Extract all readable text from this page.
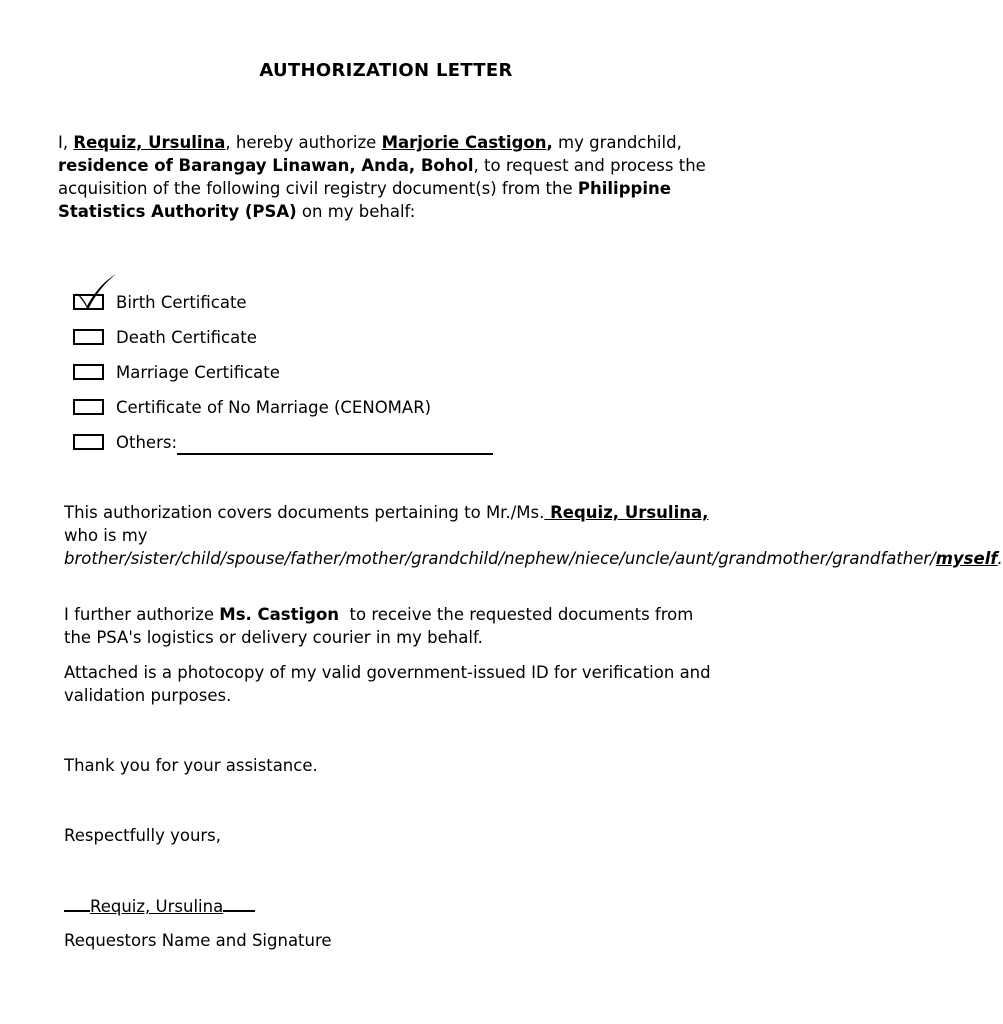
AUTHORIZATION LETTER
I, Requiz, Ursulina, hereby authorize Marjorie Castigon, my grandchild, residence of Barangay Linawan, Anda, Bohol, to request and process the acquisition of the following civil registry document(s) from the Philippine Statistics Authority (PSA) on my behalf:
Birth Certificate
Death Certificate
Marriage Certificate
Certificate of No Marriage (CENOMAR)
Others:
This authorization covers documents pertaining to Mr./Ms. Requiz, Ursulina, who is my
brother/sister/child/spouse/father/mother/grandchild/nephew/niece/uncle/aunt/grandmother/grandfather/myself.
I further authorize Ms. Castigon  to receive the requested documents from the PSA's logistics or delivery courier in my behalf.
Attached is a photocopy of my valid government-issued ID for verification and validation purposes.
Thank you for your assistance.
Respectfully yours,
Requiz, Ursulina
Requestors Name and Signature
